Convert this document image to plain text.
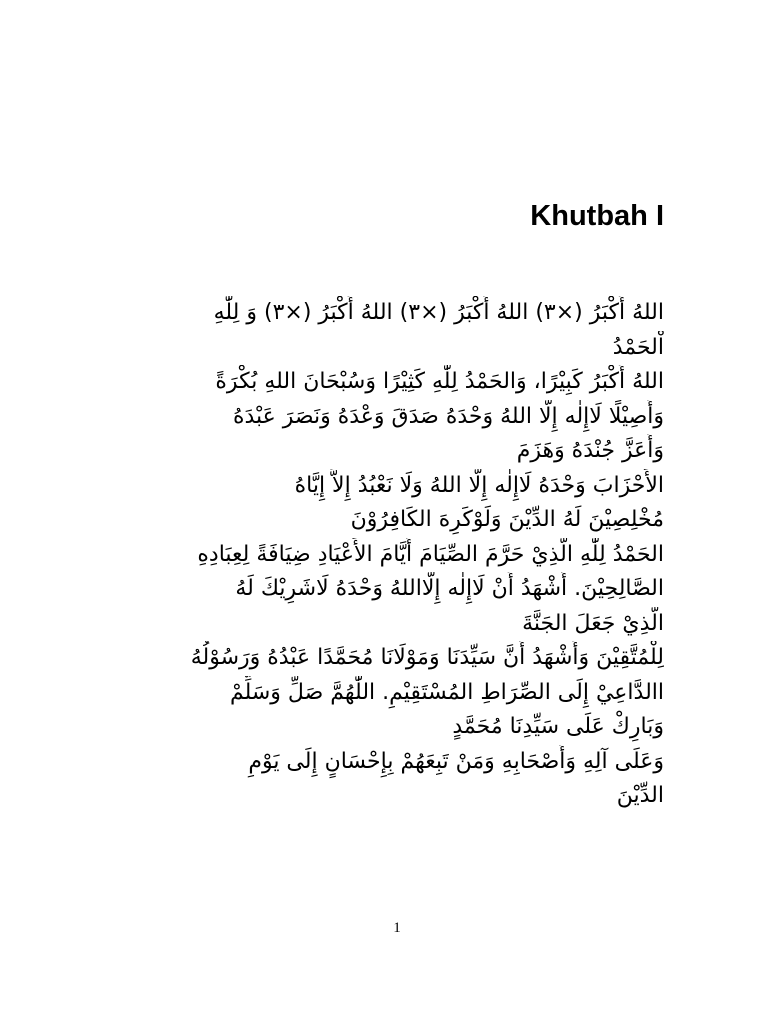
Khutbah I
اللهُ أَكْبَرُ (×٣) اللهُ أَكْبَرُ (×٣) اللهُ أَكْبَرُ (×٣) وَ لِلّٰهِ
اْلحَمْدُ
اللهُ أَكْبَرُ كَبِيْرًا، وَالحَمْدُ لِلّٰهِ كَثِيْرًا وَسُبْحَانَ اللهِ بُكْرَةً
وَأَصِيْلًا لَاإِلٰه إِلَّا اللهُ وَحْدَهُ صَدَقَ وَعْدَهُ وَنَصَرَ عَبْدَهُ
وَأَعَزَّ جُنْدَهُ وَهَزَمَ
الأَحْزَابَ وَحْدَهُ لَاإِلٰه إِلَّا اللهُ وَلَا نَعْبُدُ إِلاَّ إِيَّاهُ
مُخْلِصِيْنَ لَهُ الدِّيْنَ وَلَوْكَرِهَ الكَافِرُوْنَ
الحَمْدُ لِلّٰهِ الَّذِيْ حَرَّمَ الصِّيَامَ أَيَّامَ الأَعْيَادِ ضِيَافَةً لِعِبَادِهِ
الصَّالِحِيْنَ. أَشْهَدُ أَنْ لَاإِلٰه إِلَّااللهُ وَحْدَهُ لَاشَرِيْكَ لَهُ
الَّذِيْ جَعَلَ الجَنَّةَ
لِلْمُتَّقِيْنَ وَأَشْهَدُ أَنَّ سَيِّدَنَا وَمَوْلَانَا مُحَمَّدًا عَبْدُهُ وَرَسُوْلُهُ
االدَّاعِيْ إِلَى الصِّرَاطِ المُسْتَقِيْمِ. اللّٰهُمَّ صَلِّ وَسَلِّمْ
وَبَارِكْ عَلَى سَيِّدِنَا مُحَمَّدٍ
وَعَلَى آلِهِ وَأَصْحَابِهِ وَمَنْ تَبِعَهُمْ بِإِحْسَانٍ إِلَى يَوْمِ
الدِّيْنَ
1
